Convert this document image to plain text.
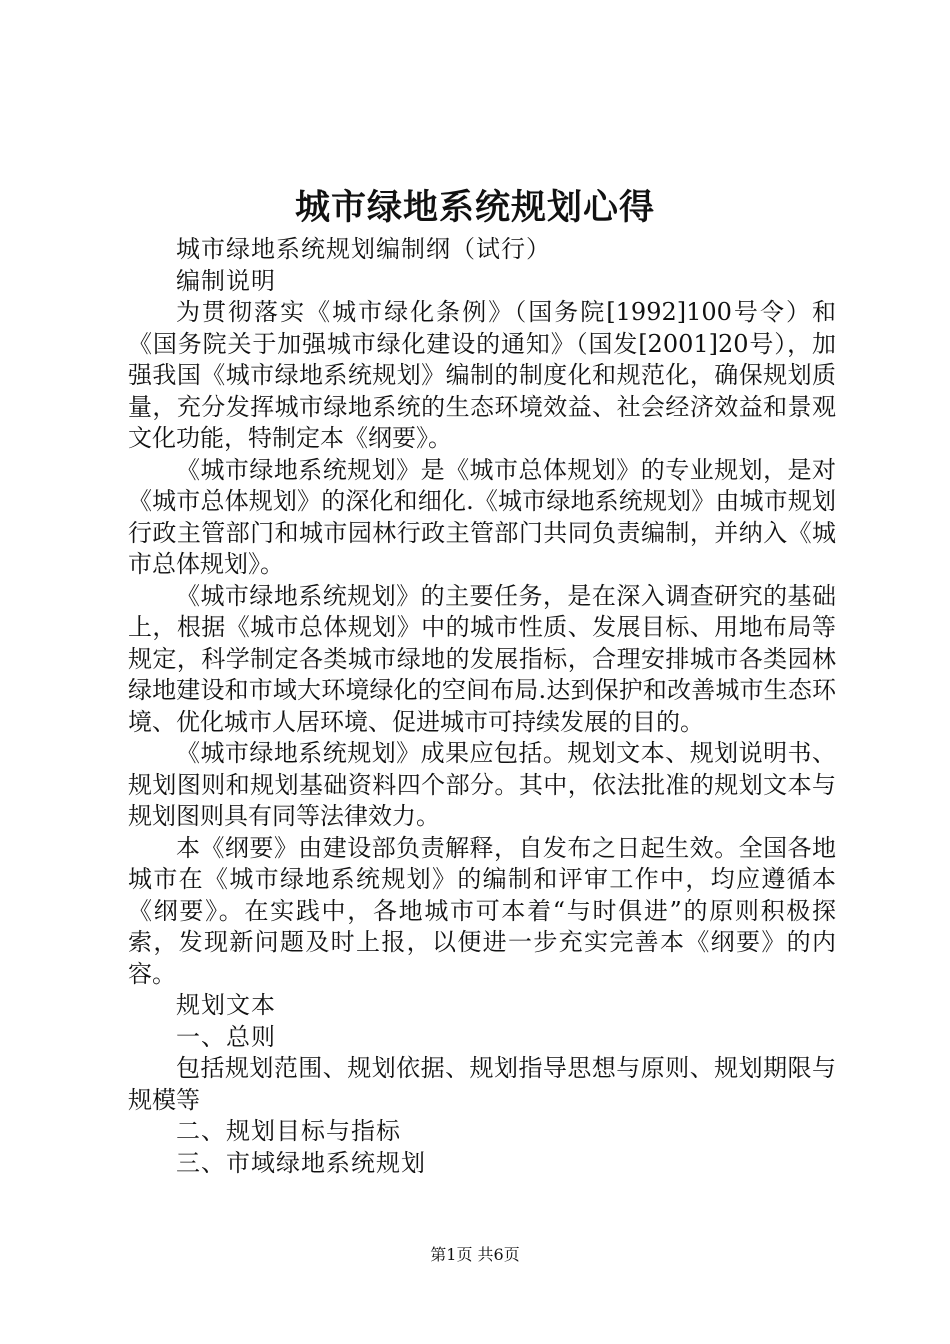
城市绿地系统规划心得

城市绿地系统规划编制纲（试行）

编制说明

为贯彻落实《城市绿化条例》（国务院[1992]100号令）和《国务院关于加强城市绿化建设的通知》（国发[2001]20号），加强我国《城市绿地系统规划》编制的制度化和规范化，确保规划质量，充分发挥城市绿地系统的生态环境效益、社会经济效益和景观文化功能，特制定本《纲要》。

《城市绿地系统规划》是《城市总体规划》的专业规划，是对《城市总体规划》的深化和细化.《城市绿地系统规划》由城市规划行政主管部门和城市园林行政主管部门共同负责编制，并纳入《城市总体规划》。

《城市绿地系统规划》的主要任务，是在深入调查研究的基础上，根据《城市总体规划》中的城市性质、发展目标、用地布局等规定，科学制定各类城市绿地的发展指标，合理安排城市各类园林绿地建设和市域大环境绿化的空间布局.达到保护和改善城市生态环境、优化城市人居环境、促进城市可持续发展的目的。

《城市绿地系统规划》成果应包括。规划文本、规划说明书、规划图则和规划基础资料四个部分。其中，依法批准的规划文本与规划图则具有同等法律效力。

本《纲要》由建设部负责解释，自发布之日起生效。全国各地城市在《城市绿地系统规划》的编制和评审工作中，均应遵循本《纲要》。在实践中，各地城市可本着“与时俱进”的原则积极探索，发现新问题及时上报，以便进一步充实完善本《纲要》的内容。

规划文本

一、总则

包括规划范围、规划依据、规划指导思想与原则、规划期限与规模等

二、规划目标与指标

三、市域绿地系统规划

第1页 共6页
